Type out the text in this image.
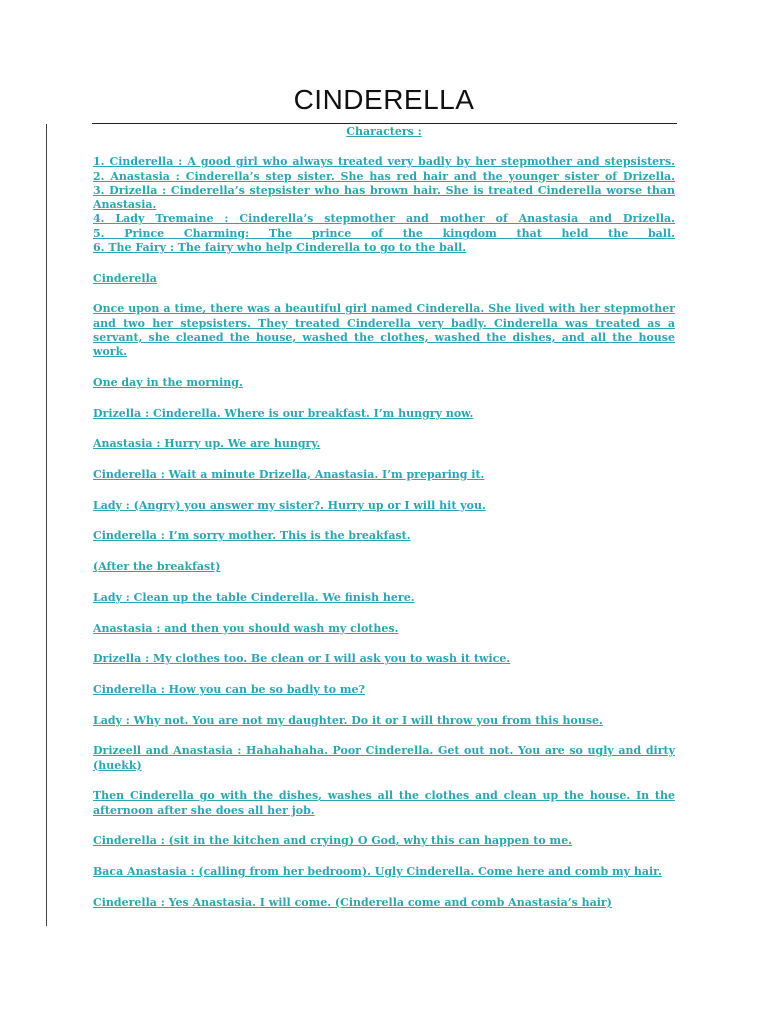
CINDERELLA

Characters :

1. Cinderella : A good girl who always treated very badly by her stepmother and stepsisters.
2. Anastasia : Cinderella’s step sister. She has red hair and the younger sister of Drizella.
3. Drizella : Cinderella’s stepsister who has brown hair. She is treated Cinderella worse than
Anastasia.
4. Lady Tremaine : Cinderella’s stepmother and mother of Anastasia and Drizella.
5. Prince Charming: The prince of the kingdom that held the ball.
6. The Fairy : The fairy who help Cinderella to go to the ball.

Cinderella

Once upon a time, there was a beautiful girl named Cinderella. She lived with her stepmother and two her stepsisters. They treated Cinderella very badly. Cinderella was treated as a servant, she cleaned the house, washed the clothes, washed the dishes, and all the house work.

One day in the morning.

Drizella : Cinderella. Where is our breakfast. I’m hungry now.

Anastasia : Hurry up. We are hungry.

Cinderella : Wait a minute Drizella, Anastasia. I’m preparing it.

Lady : (Angry) you answer my sister?. Hurry up or I will hit you.

Cinderella : I’m sorry mother. This is the breakfast.

(After the breakfast)

Lady : Clean up the table Cinderella. We finish here.

Anastasia : and then you should wash my clothes.

Drizella : My clothes too. Be clean or I will ask you to wash it twice.

Cinderella : How you can be so badly to me?

Lady : Why not. You are not my daughter. Do it or I will throw you from this house.

Drizeell and Anastasia : Hahahahaha. Poor Cinderella. Get out not. You are so ugly and dirty (huekk)

Then Cinderella go with the dishes, washes all the clothes and clean up the house. In the afternoon after she does all her job.

Cinderella : (sit in the kitchen and crying) O God, why this can happen to me.

Baca Anastasia : (calling from her bedroom). Ugly Cinderella. Come here and comb my hair.

Cinderella : Yes Anastasia. I will come. (Cinderella come and comb Anastasia’s hair)
